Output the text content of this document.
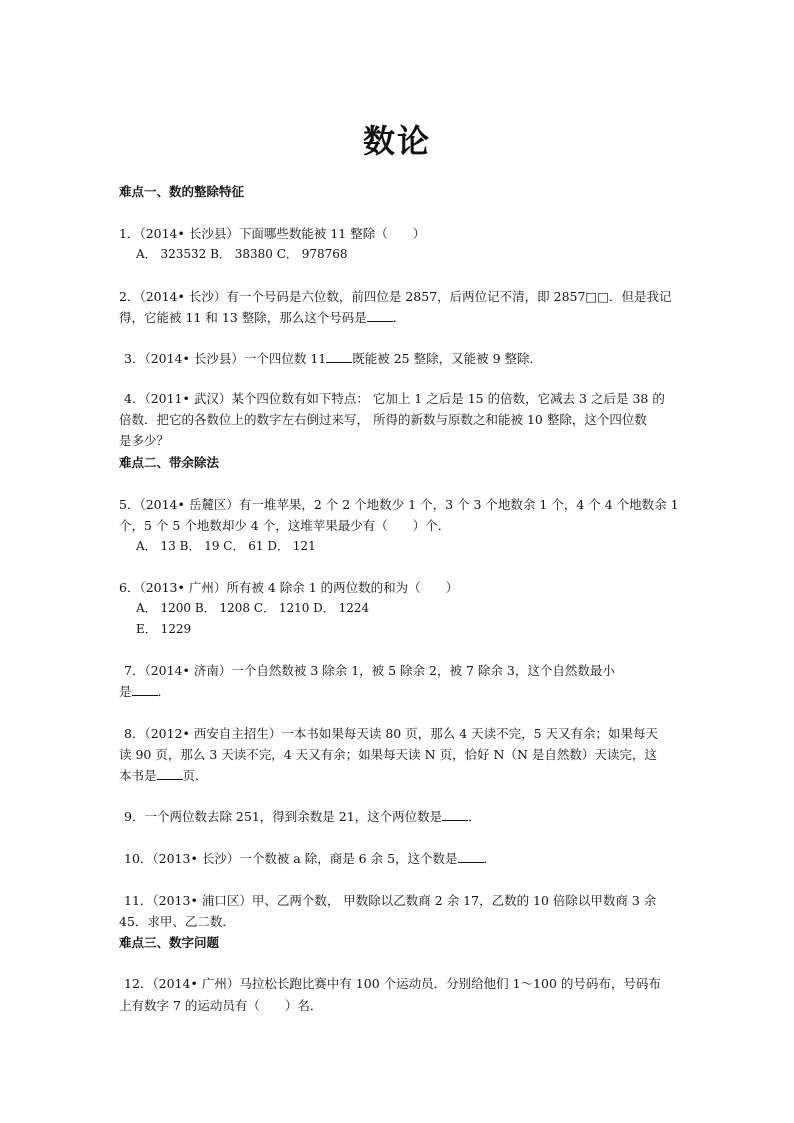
数论
难点一、数的整除特征
1．（2014• 长沙县）下面哪些数能被 11 整除（　　）
A． 323532 B． 38380 C． 978768
2．（2014• 长沙）有一个号码是六位数，前四位是 2857，后两位记不清，即 2857□□．但是我记
得，它能被 11 和 13 整除，那么这个号码是 ．
3．（2014• 长沙县）一个四位数 11 既能被 25 整除，又能被 9 整除．
4．（2011• 武汉）某个四位数有如下特点： 它加上 1 之后是 15 的倍数，它减去 3 之后是 38 的
倍数．把它的各数位上的数字左右倒过来写， 所得的新数与原数之和能被 10 整除，这个四位数
是多少？
难点二、带余除法
5．（2014• 岳麓区）有一堆苹果，2 个 2 个地数少 1 个，3 个 3 个地数余 1 个，4 个 4 个地数余 1
个，5 个 5 个地数却少 4 个，这堆苹果最少有（　　）个．
A． 13 B． 19 C． 61 D． 121
6．（2013• 广州）所有被 4 除余 1 的两位数的和为（　　）
A． 1200 B． 1208 C． 1210 D． 1224
E． 1229
7．（2014• 济南）一个自然数被 3 除余 1，被 5 除余 2，被 7 除余 3，这个自然数最小
是 ．
8．（2012• 西安自主招生）一本书如果每天读 80 页，那么 4 天读不完，5 天又有余；如果每天
读 90 页，那么 3 天读不完，4 天又有余；如果每天读 N 页，恰好 N（N 是自然数）天读完，这
本书是 页．
9．一个两位数去除 251，得到余数是 21，这个两位数是 ．
10．（2013• 长沙）一个数被 a 除，商是 6 余 5，这个数是 ．
11．（2013• 浦口区）甲、乙两个数， 甲数除以乙数商 2 余 17，乙数的 10 倍除以甲数商 3 余
45．求甲、乙二数．
难点三、数字问题
12．（2014• 广州）马拉松长跑比赛中有 100 个运动员．分别给他们 1～100 的号码布，号码布
上有数字 7 的运动员有（　　）名．
